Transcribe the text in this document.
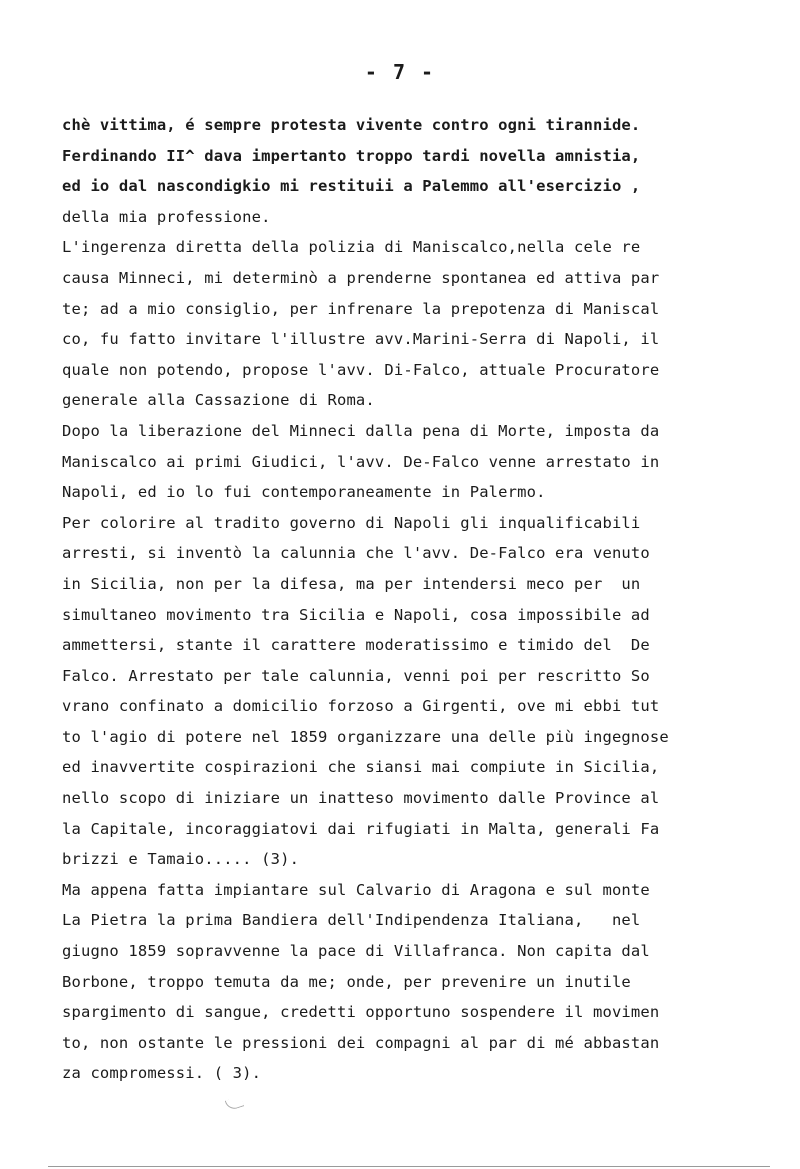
- 7 -
chè vittima, é sempre protesta vivente contro ogni tirannide.
Ferdinando II^ dava impertanto troppo tardi novella amnistia,
ed io dal nascondigkio mi restituii a Palemmo all'esercizio ,
della mia professione.
L'ingerenza diretta della polizia di Maniscalco,nella cele re
causa Minneci, mi determinò a prenderne spontanea ed attiva par
te; ad a mio consiglio, per infrenare la prepotenza di Maniscal
co, fu fatto invitare l'illustre avv.Marini-Serra di Napoli, il
quale non potendo, propose l'avv. Di-Falco, attuale Procuratore
generale alla Cassazione di Roma.
Dopo la liberazione del Minneci dalla pena di Morte, imposta da
Maniscalco ai primi Giudici, l'avv. De-Falco venne arrestato in
Napoli, ed io lo fui contemporaneamente in Palermo.
Per colorire al tradito governo di Napoli gli inqualificabili
arresti, si inventò la calunnia che l'avv. De-Falco era venuto
in Sicilia, non per la difesa, ma per intendersi meco per  un
simultaneo movimento tra Sicilia e Napoli, cosa impossibile ad
ammettersi, stante il carattere moderatissimo e timido del  De
Falco. Arrestato per tale calunnia, venni poi per rescritto So
vrano confinato a domicilio forzoso a Girgenti, ove mi ebbi tut
to l'agio di potere nel 1859 organizzare una delle più ingegnose
ed inavvertite cospirazioni che siansi mai compiute in Sicilia,
nello scopo di iniziare un inatteso movimento dalle Province al
la Capitale, incoraggiatovi dai rifugiati in Malta, generali Fa
brizzi e Tamaio..... (3).
Ma appena fatta impiantare sul Calvario di Aragona e sul monte
La Pietra la prima Bandiera dell'Indipendenza Italiana,   nel
giugno 1859 sopravvenne la pace di Villafranca. Non capita dal
Borbone, troppo temuta da me; onde, per prevenire un inutile
spargimento di sangue, credetti opportuno sospendere il movimen
to, non ostante le pressioni dei compagni al par di mé abbastan
za compromessi. ( 3).
